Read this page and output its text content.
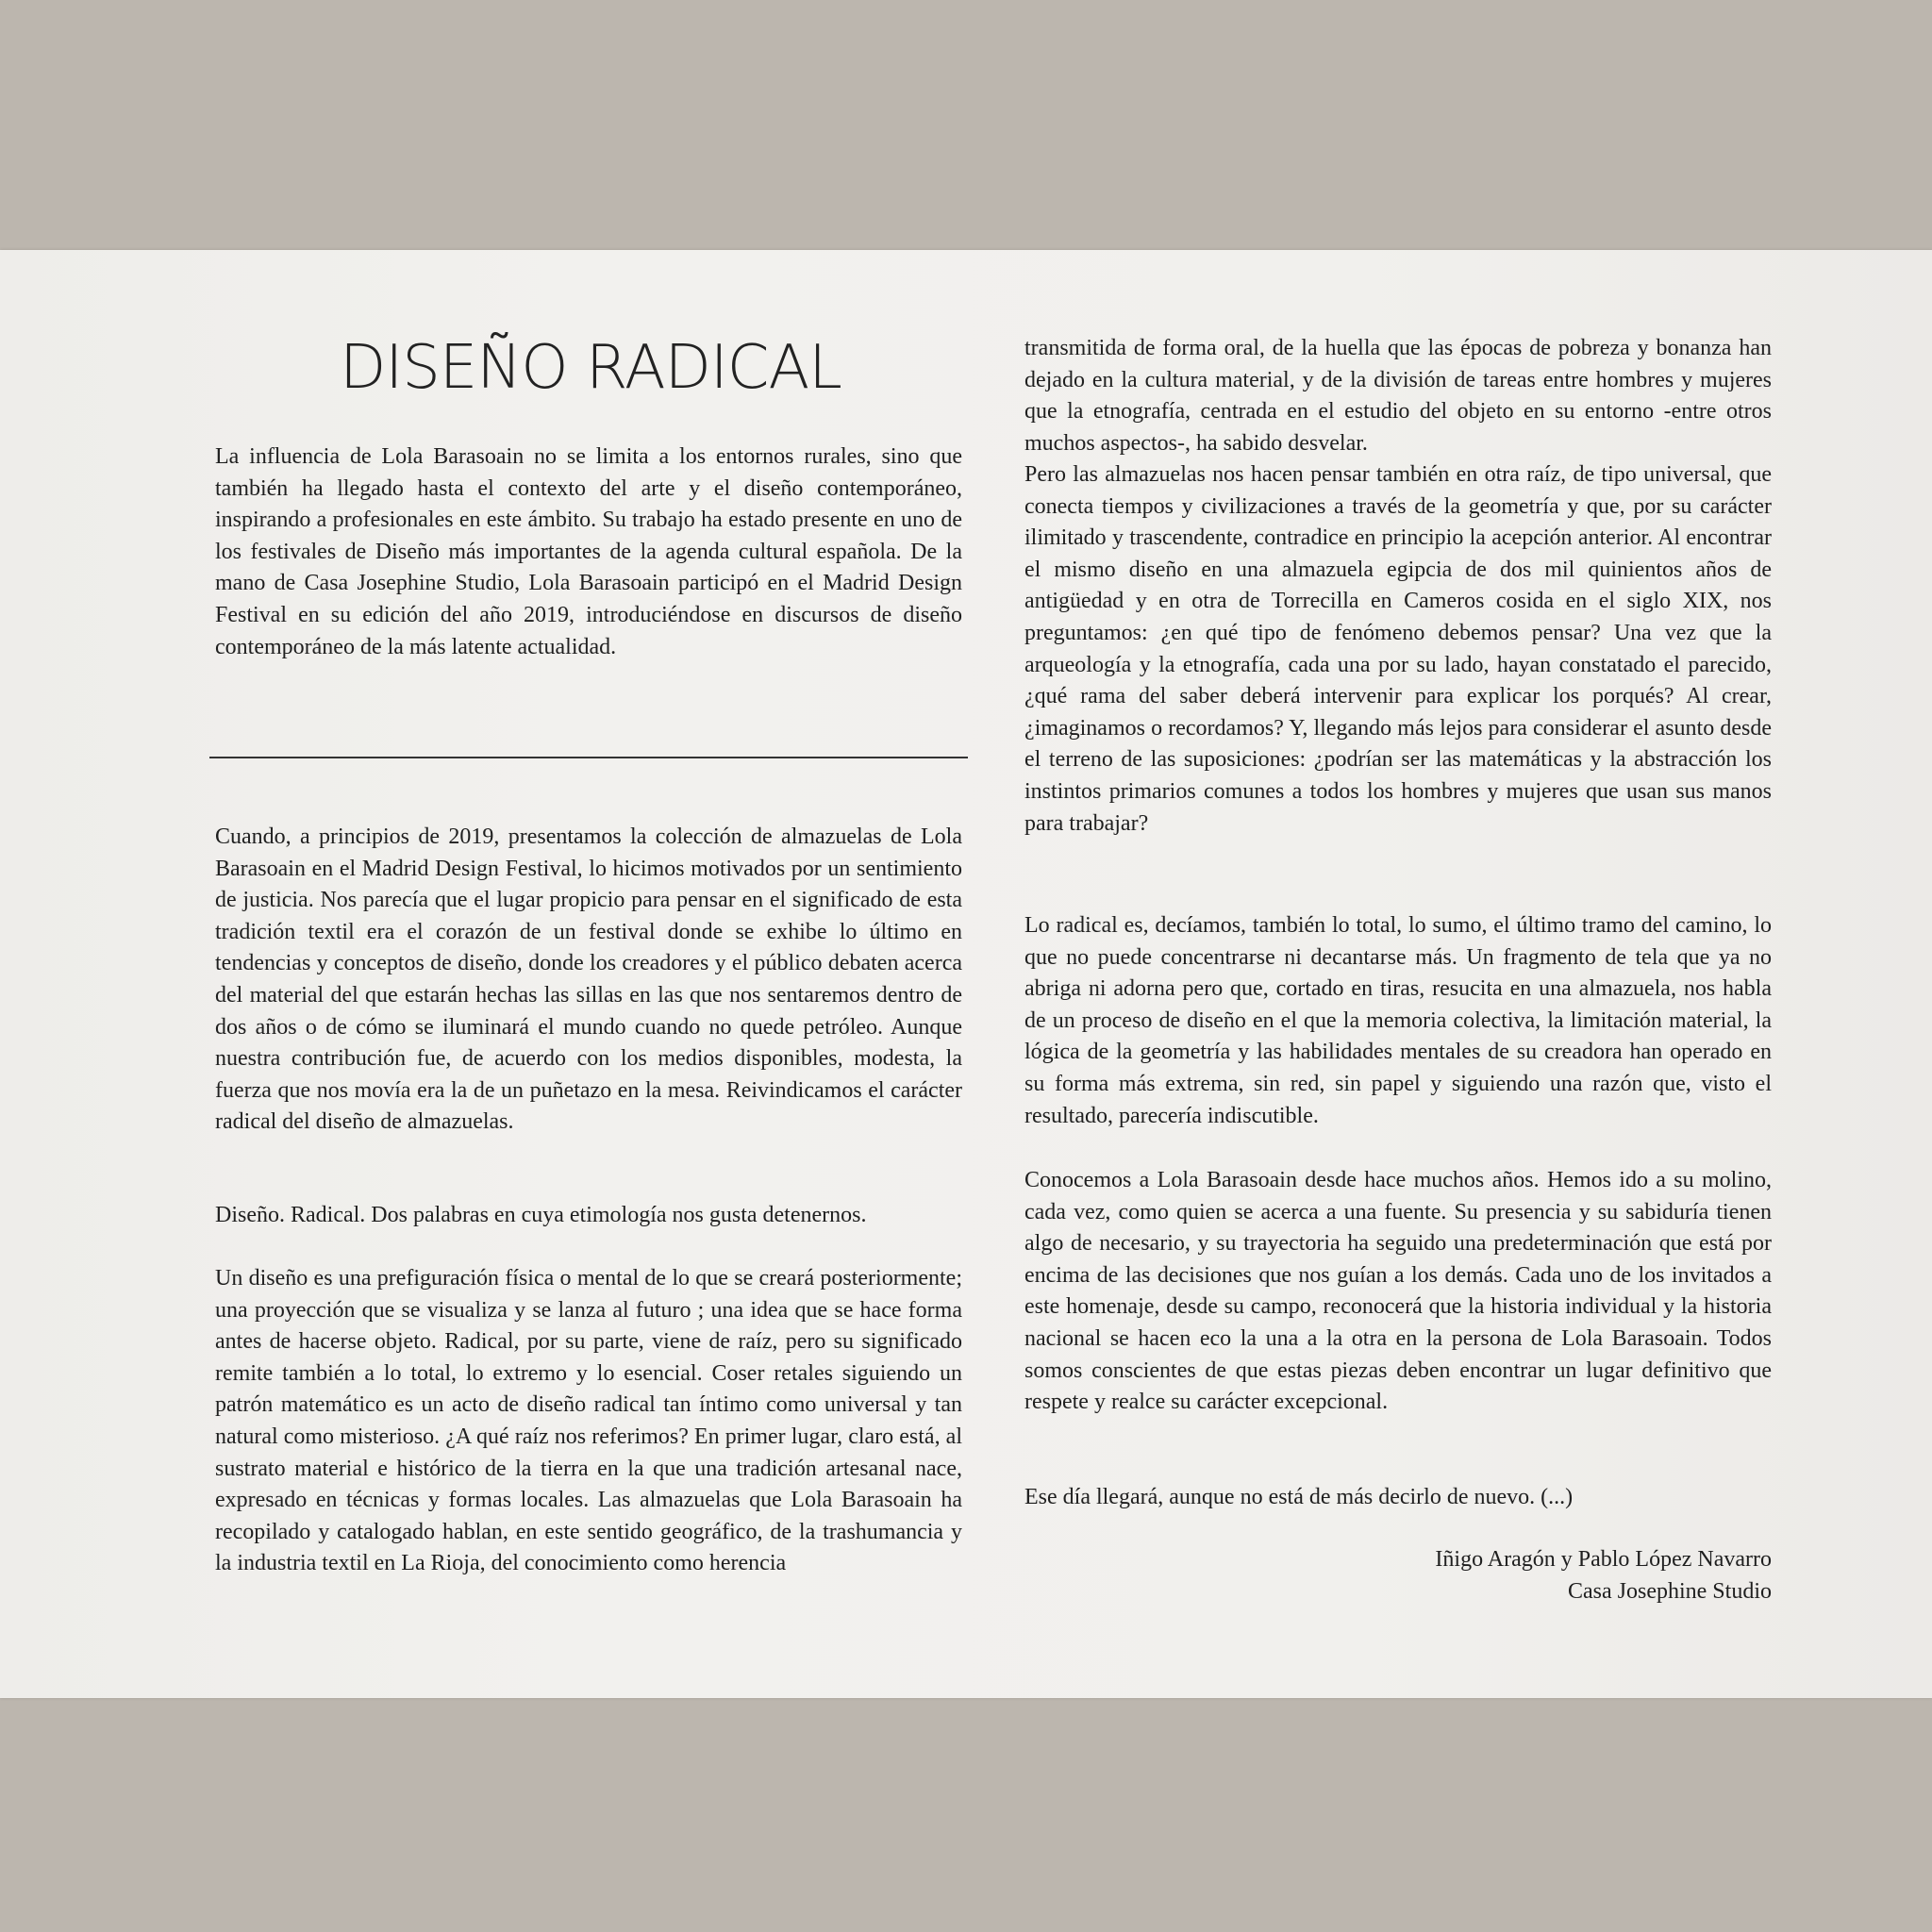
DISEÑO RADICAL

La influencia de Lola Barasoain no se limita a los entornos rurales, sino que también ha llegado hasta el contexto del arte y el diseño contemporáneo, inspirando a profesionales en este ámbito. Su trabajo ha estado presente en uno de los festivales de Diseño más importantes de la agenda cultural española. De la mano de Casa Josephine Studio, Lola Barasoain participó en el Madrid Design Festival en su edición del año 2019, introduciéndose en discursos de diseño contemporáneo de la más latente actualidad.

Cuando, a principios de 2019, presentamos la colección de almazuelas de Lola Barasoain en el Madrid Design Festival, lo hicimos motivados por un sentimiento de justicia. Nos parecía que el lugar propicio para pensar en el significado de esta tradición textil era el corazón de un festival donde se exhibe lo último en tendencias y conceptos de diseño, donde los creadores y el público debaten acerca del material del que estarán hechas las sillas en las que nos sentaremos dentro de dos años o de cómo se iluminará el mundo cuando no quede petróleo. Aunque nuestra contribución fue, de acuerdo con los medios disponibles, modesta, la fuerza que nos movía era la de un puñetazo en la mesa. Reivindicamos el carácter radical del diseño de almazuelas.

Diseño. Radical. Dos palabras en cuya etimología nos gusta detenernos.

Un diseño es una prefiguración física o mental de lo que se creará posteriormente; una proyección que se visualiza y se lanza al futuro ; una idea que se hace forma antes de hacerse objeto. Radical, por su parte, viene de raíz, pero su significado remite también a lo total, lo extremo y lo esencial. Coser retales siguiendo un patrón matemático es un acto de diseño radical tan íntimo como universal y tan natural como misterioso. ¿A qué raíz nos referimos? En primer lugar, claro está, al sustrato material e histórico de la tierra en la que una tradición artesanal nace, expresado en técnicas y formas locales. Las almazuelas que Lola Barasoain ha recopilado y catalogado hablan, en este sentido geográfico, de la trashumancia y la industria textil en La Rioja, del conocimiento como herencia

transmitida de forma oral, de la huella que las épocas de pobreza y bonanza han dejado en la cultura material, y de la división de tareas entre hombres y mujeres que la etnografía, centrada en el estudio del objeto en su entorno -entre otros muchos aspectos-, ha sabido desvelar.

Pero las almazuelas nos hacen pensar también en otra raíz, de tipo universal, que conecta tiempos y civilizaciones a través de la geometría y que, por su carácter ilimitado y trascendente, contradice en principio la acepción anterior. Al encontrar el mismo diseño en una almazuela egipcia de dos mil quinientos años de antigüedad y en otra de Torrecilla en Cameros cosida en el siglo XIX, nos preguntamos: ¿en qué tipo de fenómeno debemos pensar? Una vez que la arqueología y la etnografía, cada una por su lado, hayan constatado el parecido, ¿qué rama del saber deberá intervenir para explicar los porqués? Al crear, ¿imaginamos o recordamos? Y, llegando más lejos para considerar el asunto desde el terreno de las suposiciones: ¿podrían ser las matemáticas y la abstracción los instintos primarios comunes a todos los hombres y mujeres que usan sus manos para trabajar?

Lo radical es, decíamos, también lo total, lo sumo, el último tramo del camino, lo que no puede concentrarse ni decantarse más. Un fragmento de tela que ya no abriga ni adorna pero que, cortado en tiras, resucita en una almazuela, nos habla de un proceso de diseño en el que la memoria colectiva, la limitación material, la lógica de la geometría y las habilidades mentales de su creadora han operado en su forma más extrema, sin red, sin papel y siguiendo una razón que, visto el resultado, parecería indiscutible.

Conocemos a Lola Barasoain desde hace muchos años. Hemos ido a su molino, cada vez, como quien se acerca a una fuente. Su presencia y su sabiduría tienen algo de necesario, y su trayectoria ha seguido una predeterminación que está por encima de las decisiones que nos guían a los demás. Cada uno de los invitados a este homenaje, desde su campo, reconocerá que la historia individual y la historia nacional se hacen eco la una a la otra en la persona de Lola Barasoain. Todos somos conscientes de que estas piezas deben encontrar un lugar definitivo que respete y realce su carácter excepcional.

Ese día llegará, aunque no está de más decirlo de nuevo. (...)

Iñigo Aragón y Pablo López Navarro
Casa Josephine Studio
